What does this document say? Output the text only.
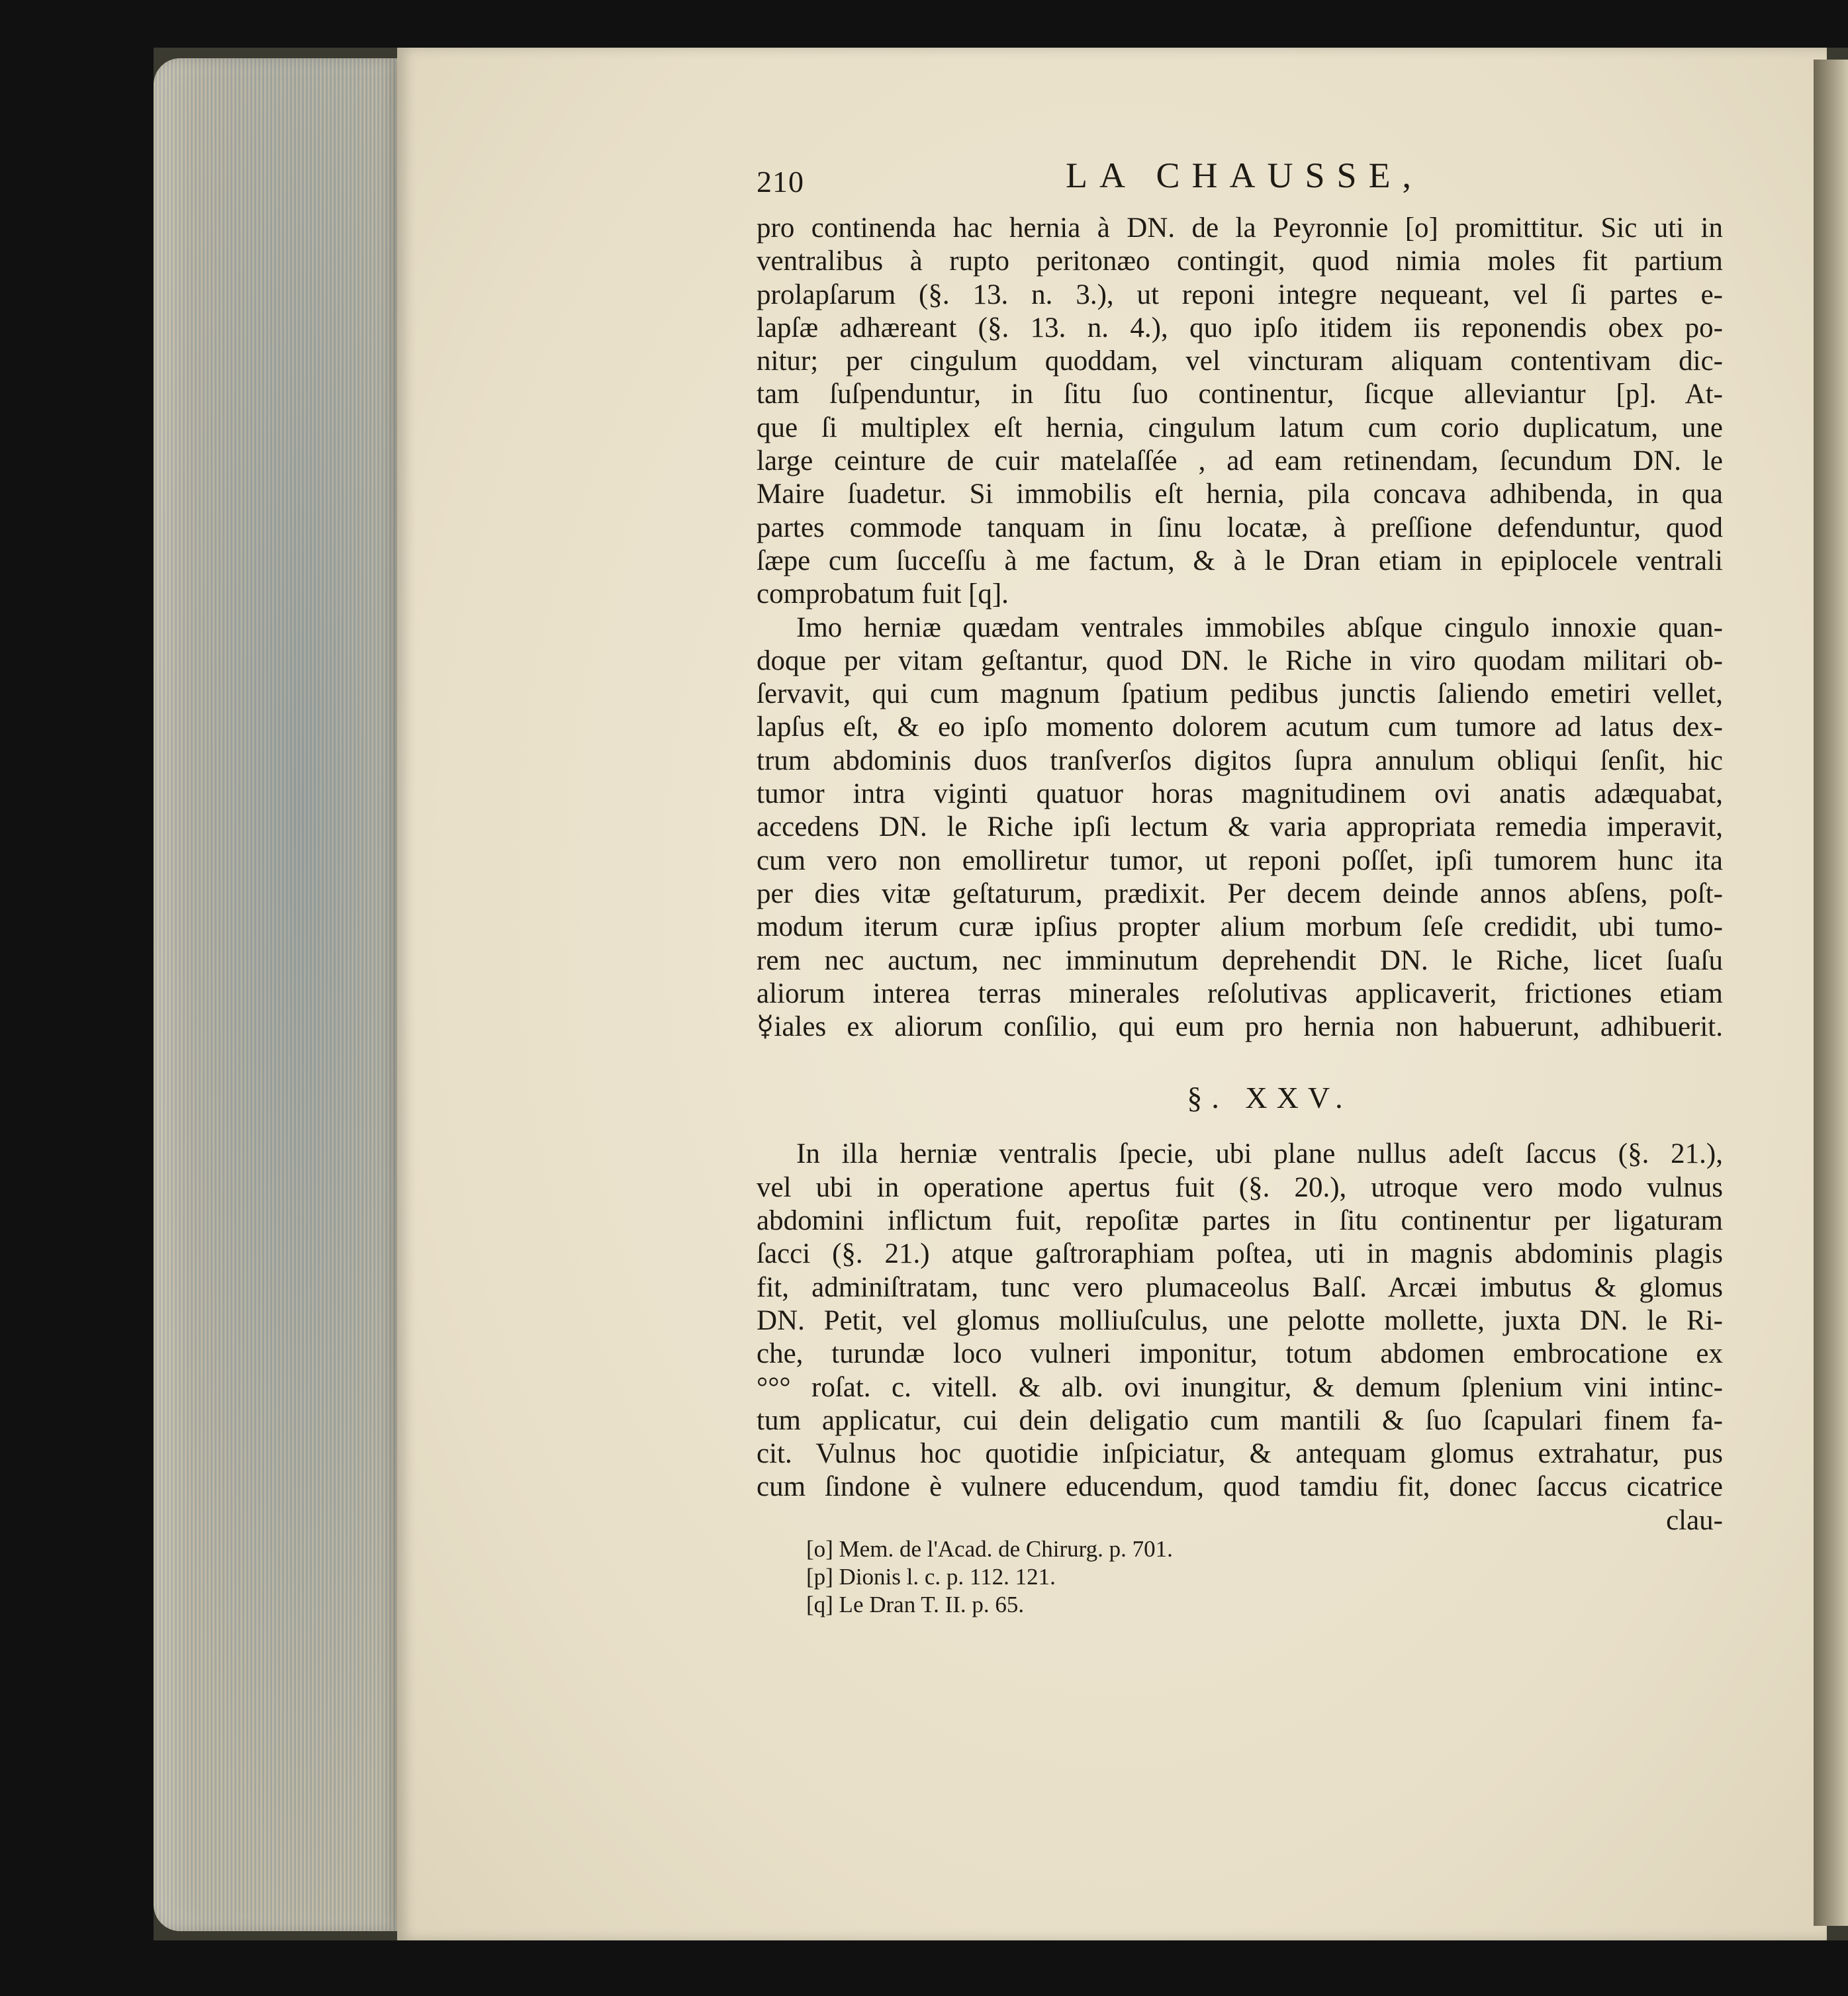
210	LA CHAUSSE,
pro continenda hac hernia à DN. de la Peyronnie [o] promittitur. Sic uti in
ventralibus à rupto peritonæo contingit, quod nimia moles fit partium
prolapſarum (§. 13. n. 3.), ut reponi integre nequeant, vel ſi partes e-
lapſæ adhæreant (§. 13. n. 4.), quo ipſo itidem iis reponendis obex po-
nitur; per cingulum quoddam, vel vincturam aliquam contentivam dic-
tam ſuſpenduntur, in ſitu ſuo continentur, ſicque alleviantur [p]. At-
que ſi multiplex eſt hernia, cingulum latum cum corio duplicatum, une
large ceinture de cuir matelaſſée , ad eam retinendam, ſecundum DN. le
Maire ſuadetur. Si immobilis eſt hernia, pila concava adhibenda, in qua
partes commode tanquam in ſinu locatæ, à preſſione defenduntur, quod
ſæpe cum ſucceſſu à me factum, & à le Dran etiam in epiplocele ventrali
comprobatum fuit [q].
Imo herniæ quædam ventrales immobiles abſque cingulo innoxie quan-
doque per vitam geſtantur, quod DN. le Riche in viro quodam militari ob-
ſervavit, qui cum magnum ſpatium pedibus junctis ſaliendo emetiri vellet,
lapſus eſt, & eo ipſo momento dolorem acutum cum tumore ad latus dex-
trum abdominis duos tranſverſos digitos ſupra annulum obliqui ſenſit, hic
tumor intra viginti quatuor horas magnitudinem ovi anatis adæquabat,
accedens DN. le Riche ipſi lectum & varia appropriata remedia imperavit,
cum vero non emolliretur tumor, ut reponi poſſet, ipſi tumorem hunc ita
per dies vitæ geſtaturum, prædixit. Per decem deinde annos abſens, poſt-
modum iterum curæ ipſius propter alium morbum ſeſe credidit, ubi tumo-
rem nec auctum, nec imminutum deprehendit DN. le Riche, licet ſuaſu
aliorum interea terras minerales reſolutivas applicaverit, frictiones etiam
☿iales ex aliorum conſilio, qui eum pro hernia non habuerunt, adhibuerit.
§. XXV.
In illa herniæ ventralis ſpecie, ubi plane nullus adeſt ſaccus (§. 21.),
vel ubi in operatione apertus fuit (§. 20.), utroque vero modo vulnus
abdomini inflictum fuit, repoſitæ partes in ſitu continentur per ligaturam
ſacci (§. 21.) atque gaſtroraphiam poſtea, uti in magnis abdominis plagis
fit, adminiſtratam, tunc vero plumaceolus Balſ. Arcæi imbutus & glomus
DN. Petit, vel glomus molliuſculus, une pelotte mollette, juxta DN. le Ri-
che, turundæ loco vulneri imponitur, totum abdomen embrocatione ex
°°° roſat. c. vitell. & alb. ovi inungitur, & demum ſplenium vini intinc-
tum applicatur, cui dein deligatio cum mantili & ſuo ſcapulari finem fa-
cit. Vulnus hoc quotidie inſpiciatur, & antequam glomus extrahatur, pus
cum ſindone è vulnere educendum, quod tamdiu fit, donec ſaccus cicatrice
clau-
[o] Mem. de l'Acad. de Chirurg. p. 701.
[p] Dionis l. c. p. 112. 121.
[q] Le Dran T. II. p. 65.
